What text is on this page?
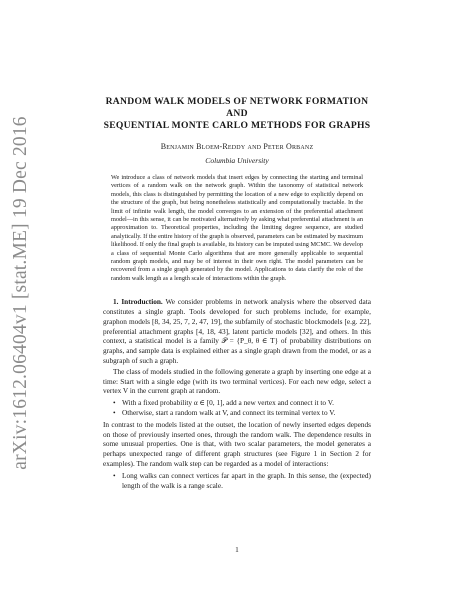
arXiv:1612.06404v1 [stat.ME] 19 Dec 2016
RANDOM WALK MODELS OF NETWORK FORMATION AND
SEQUENTIAL MONTE CARLO METHODS FOR GRAPHS
Benjamin Bloem-Reddy and Peter Orbanz
Columbia University
We introduce a class of network models that insert edges by connecting the starting and terminal vertices of a random walk on the network graph. Within the taxonomy of statistical network models, this class is distinguished by permitting the location of a new edge to explicitly depend on the structure of the graph, but being nonetheless statistically and computationally tractable. In the limit of infinite walk length, the model converges to an extension of the preferential attachment model—in this sense, it can be motivated alternatively by asking what preferential attachment is an approximation to. Theoretical properties, including the limiting degree sequence, are studied analytically. If the entire history of the graph is observed, parameters can be estimated by maximum likelihood. If only the final graph is available, its history can be imputed using MCMC. We develop a class of sequential Monte Carlo algorithms that are more generally applicable to sequential random graph models, and may be of interest in their own right. The model parameters can be recovered from a single graph generated by the model. Applications to data clarify the role of the random walk length as a length scale of interactions within the graph.

1. Introduction. We consider problems in network analysis where the observed data constitutes a single graph. Tools developed for such problems include, for example, graphon models [8, 34, 25, 7, 2, 47, 19], the subfamily of stochastic blockmodels [e.g. 22], preferential attachment graphs [4, 18, 43], latent particle models [32], and others. In this context, a statistical model is a family 𝒫 = {P_θ, θ ∈ T} of probability distributions on graphs, and sample data is explained either as a single graph drawn from the model, or as a subgraph of such a graph.

The class of models studied in the following generate a graph by inserting one edge at a time: Start with a single edge (with its two terminal vertices). For each new edge, select a vertex V in the current graph at random.

• With a fixed probability α ∈ [0, 1], add a new vertex and connect it to V.
• Otherwise, start a random walk at V, and connect its terminal vertex to V.

In contrast to the models listed at the outset, the location of newly inserted edges depends on those of previously inserted ones, through the random walk. The dependence results in some unusual properties. One is that, with two scalar parameters, the model generates a perhaps unexpected range of different graph structures (see Figure 1 in Section 2 for examples). The random walk step can be regarded as a model of interactions:

• Long walks can connect vertices far apart in the graph. In this sense, the (expected) length of the walk is a range scale.
1
